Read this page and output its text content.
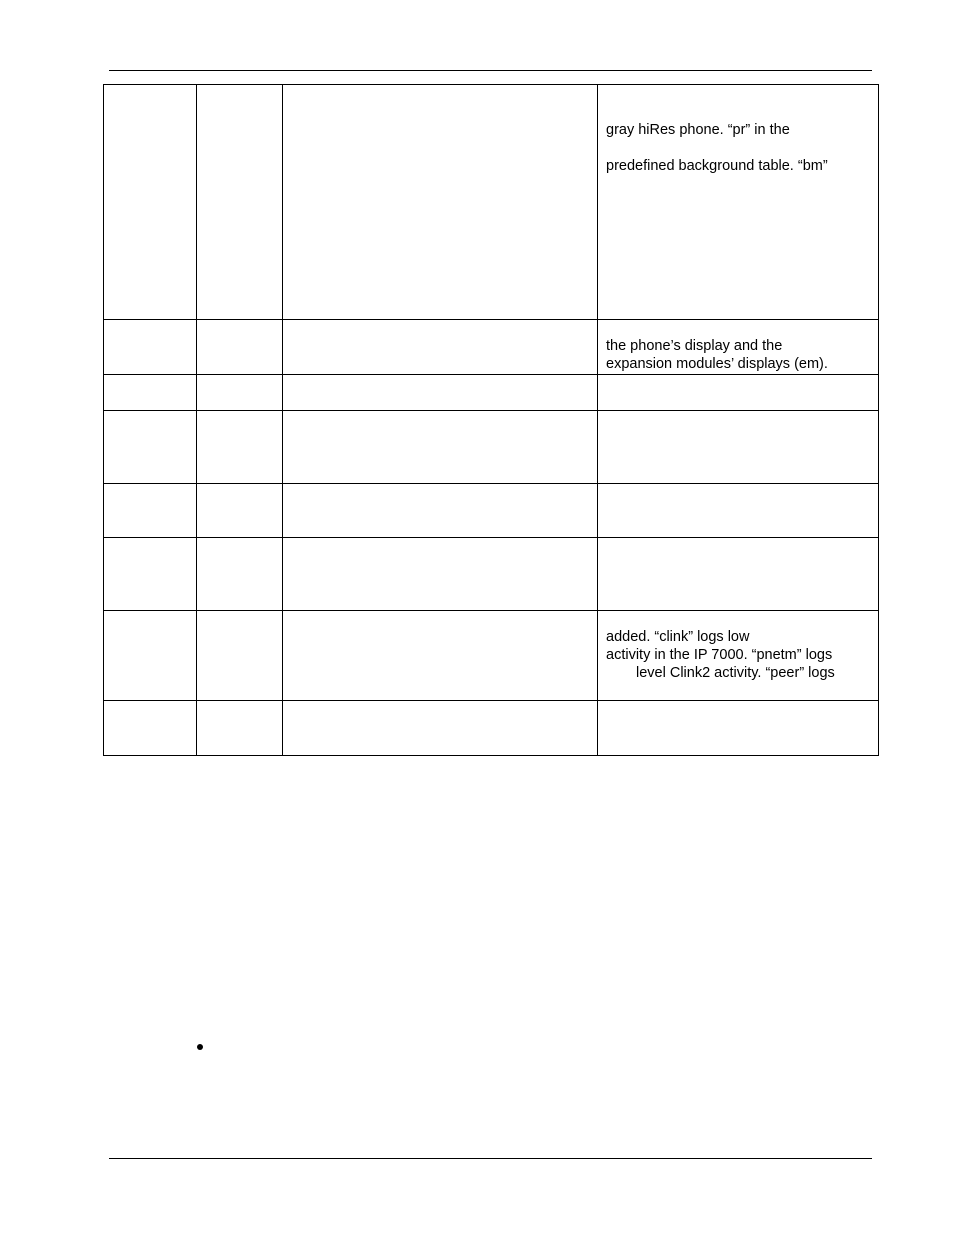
			gray hiRes phone. “pr” in the
predefined background table. “bm”

			the phone’s display and the
expansion modules’ displays (em).

			added. “clink” logs low
activity in the IP 7000. “pnetm” logs
level Clink2 activity. “peer” logs
